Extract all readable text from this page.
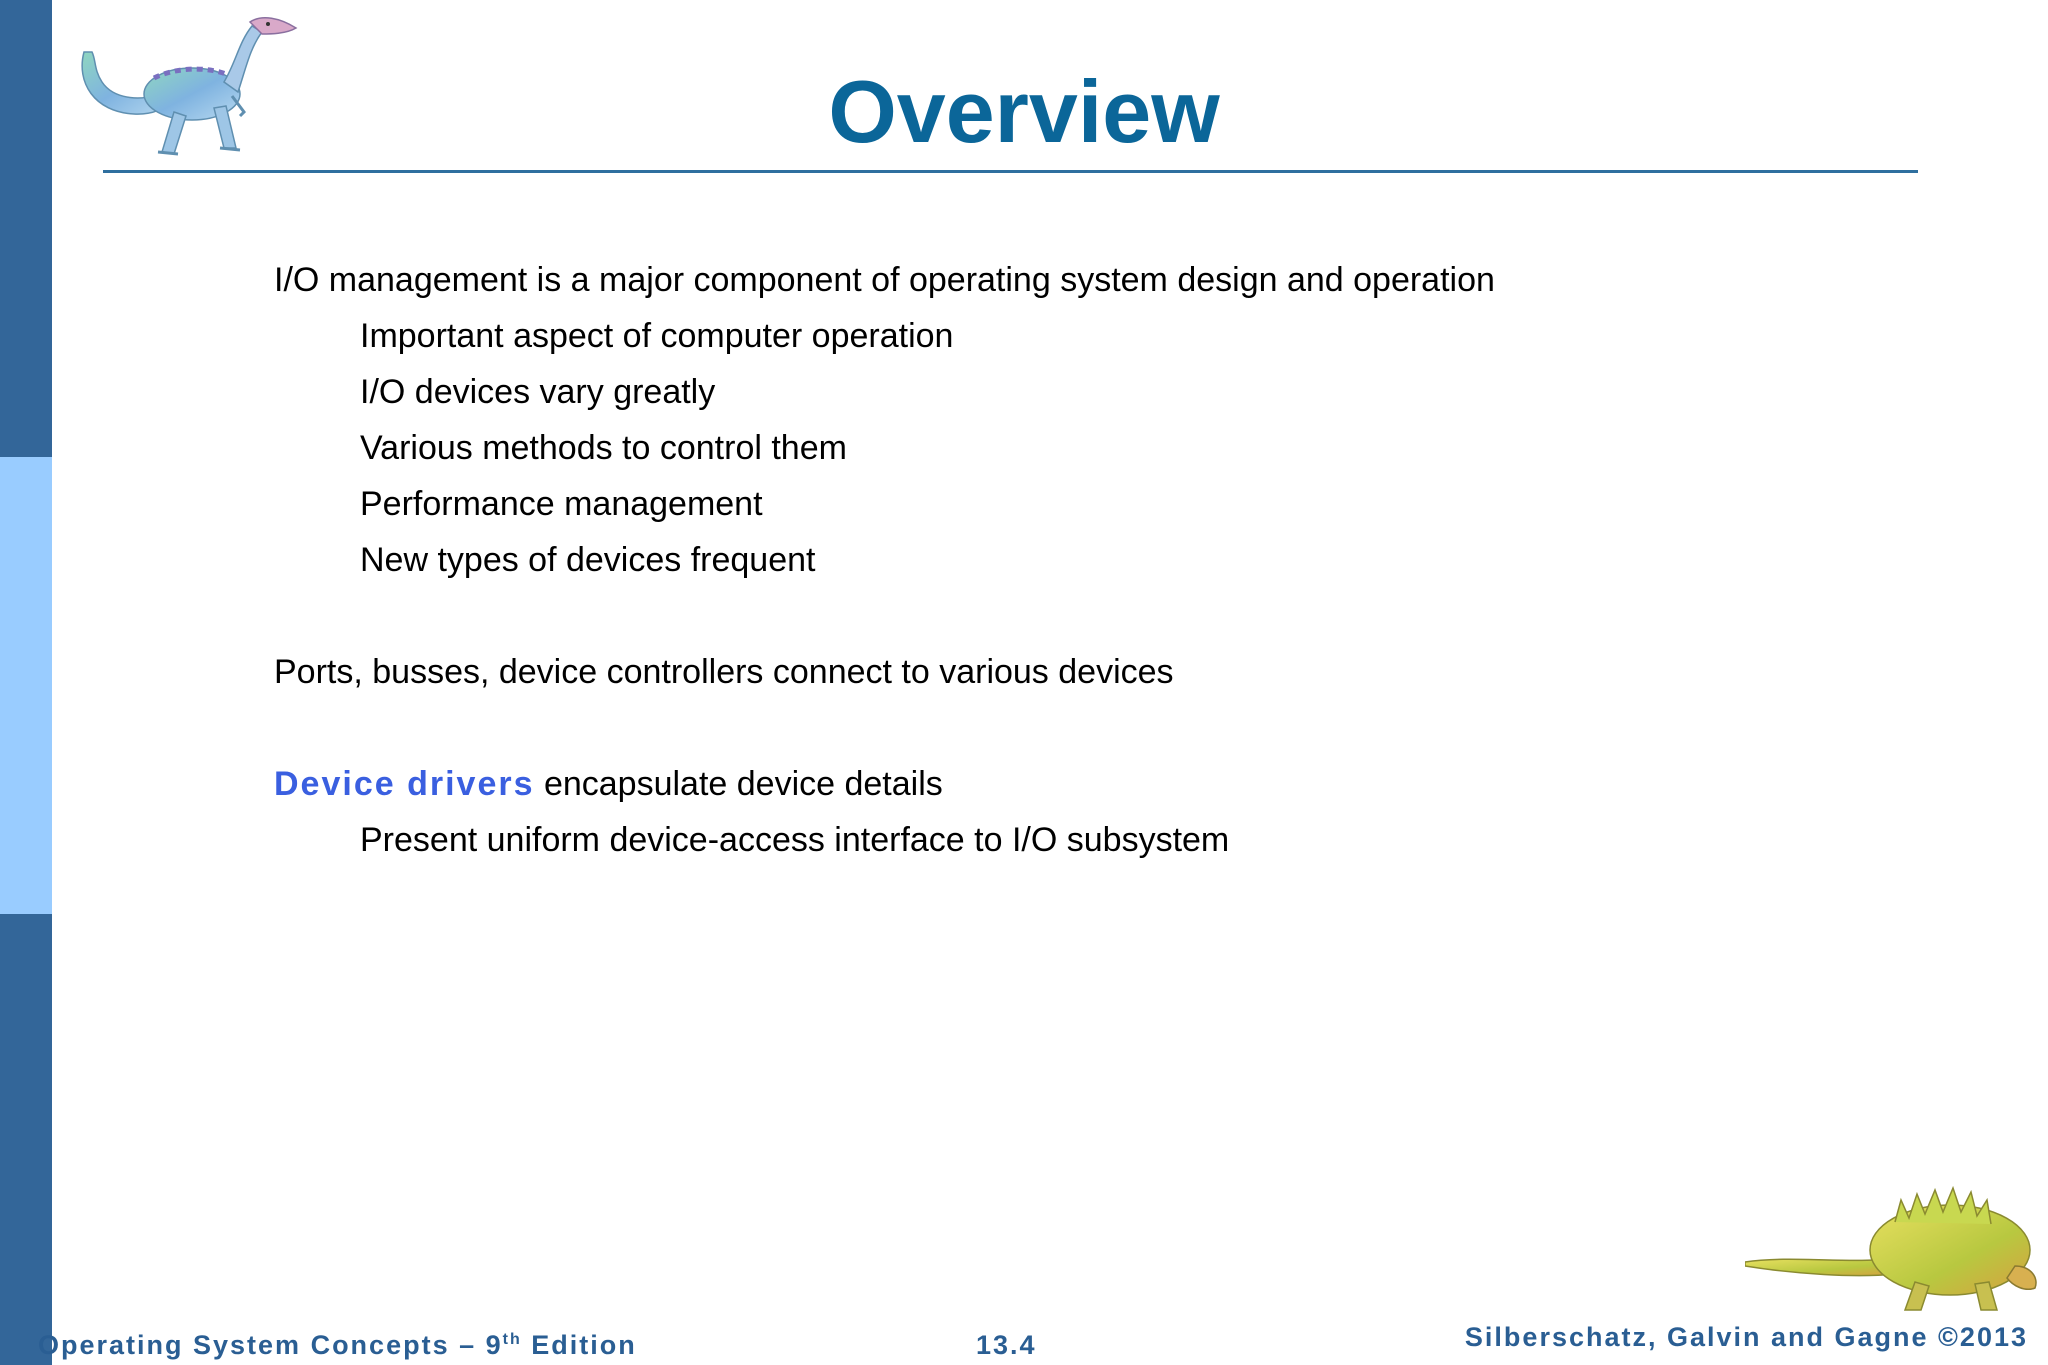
Overview
I/O management is a major component of operating system design and operation
Important aspect of computer operation
I/O devices vary greatly
Various methods to control them
Performance management
New types of devices frequent
Ports, busses, device controllers connect to various devices
Device drivers encapsulate device details
Present uniform device-access interface to I/O subsystem
Operating System Concepts – 9th Edition	13.4	Silberschatz, Galvin and Gagne ©2013
